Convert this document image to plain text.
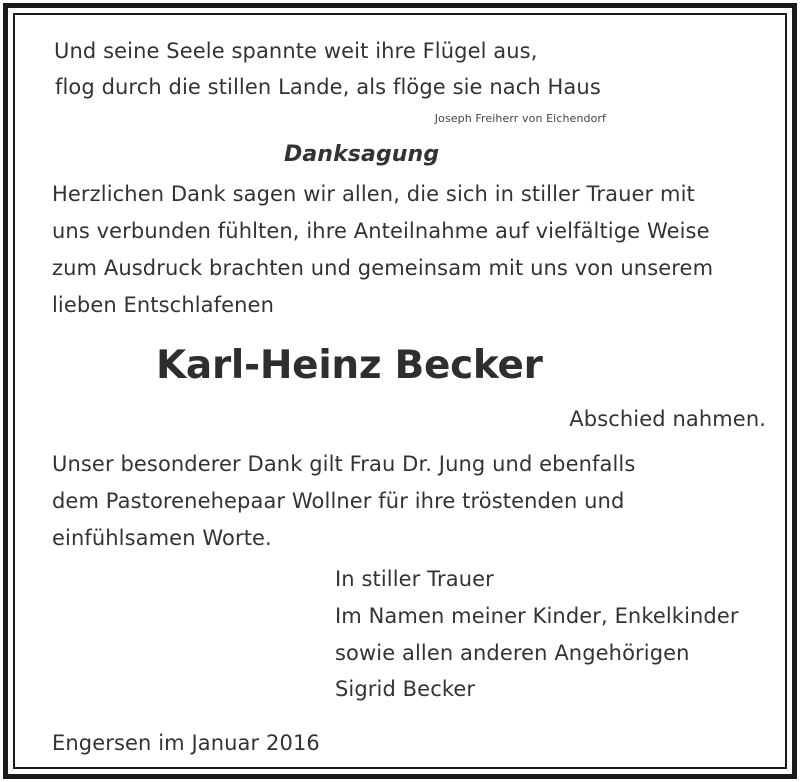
Und seine Seele spannte weit ihre Flügel aus,
flog durch die stillen Lande, als flöge sie nach Haus
Joseph Freiherr von Eichendorf
Danksagung
Herzlichen Dank sagen wir allen, die sich in stiller Trauer mit
uns verbunden fühlten, ihre Anteilnahme auf vielfältige Weise
zum Ausdruck brachten und gemeinsam mit uns von unserem
lieben Entschlafenen
Karl-Heinz Becker
Abschied nahmen.
Unser besonderer Dank gilt Frau Dr. Jung und ebenfalls
dem Pastorenehepaar Wollner für ihre tröstenden und
einfühlsamen Worte.
In stiller Trauer
Im Namen meiner Kinder, Enkelkinder
sowie allen anderen Angehörigen
Sigrid Becker
Engersen im Januar 2016
